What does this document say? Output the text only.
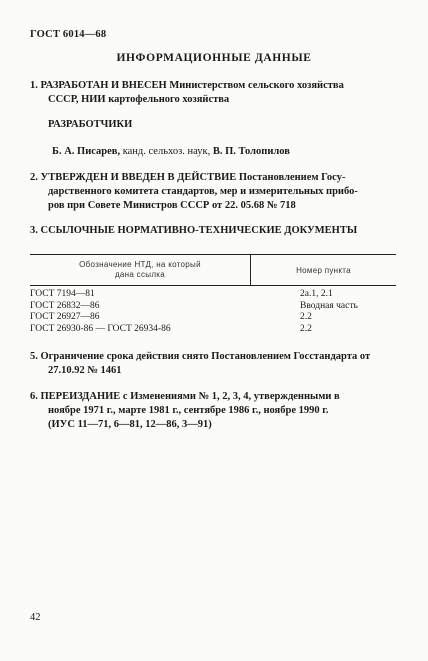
ГОСТ 6014—68
ИНФОРМАЦИОННЫЕ ДАННЫЕ
1. РАЗРАБОТАН И ВНЕСЕН Министерством сельского хозяйства
СССР, НИИ картофельного хозяйства
РАЗРАБОТЧИКИ
Б. А. Писарев, канд. сельхоз. наук, В. П. Толопилов
2. УТВЕРЖДЕН И ВВЕДЕН В ДЕЙСТВИЕ Постановлением Госу-
дарственного комитета стандартов, мер и измерительных прибо-
ров при Совете Министров СССР от 22. 05.68 № 718
3. ССЫЛОЧНЫЕ НОРМАТИВНО-ТЕХНИЧЕСКИЕ ДОКУМЕНТЫ
Обозначение НТД, на который
дана ссылка	Номер пункта
ГОСТ 7194—81	2а.1, 2.1
ГОСТ 26832—86	Вводная часть
ГОСТ 26927—86	2.2
ГОСТ 26930-86 — ГОСТ 26934-86	2.2
5. Ограничение срока действия снято Постановлением Госстандарта от
27.10.92 № 1461
6. ПЕРЕИЗДАНИЕ с Изменениями № 1, 2, 3, 4, утвержденными в
ноябре 1971 г., марте 1981 г., сентябре 1986 г., ноябре 1990 г.
(ИУС 11—71, 6—81, 12—86, 3—91)
42
